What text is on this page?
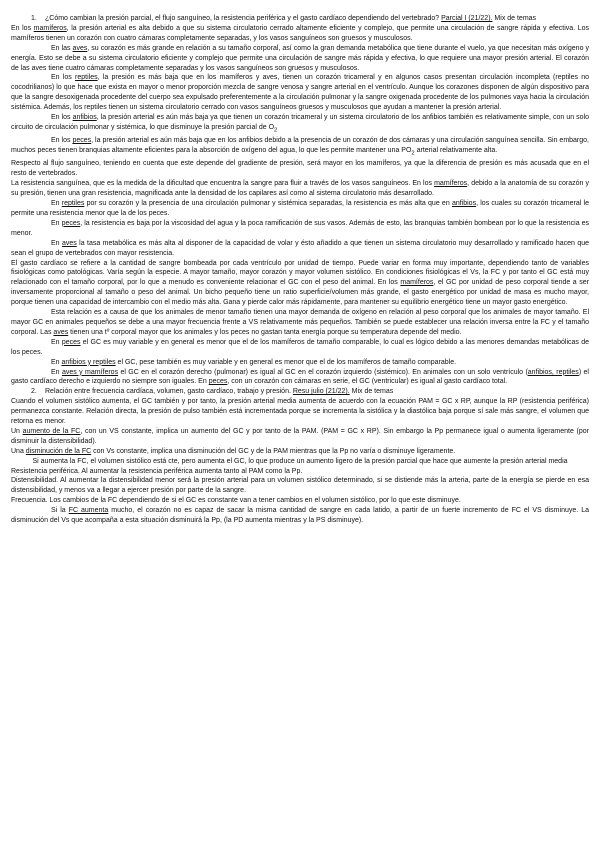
1. ¿Cómo cambian la presión parcial, el flujo sanguíneo, la resistencia periférica y el gasto cardíaco dependiendo del vertebrado? Parcial I (21/22). Mix de temas

En los mamíferos, la presión arterial es alta debido a que su sistema circulatorio cerrado altamente eficiente y complejo, que permite una circulación de sangre rápida y efectiva. Los mamíferos tienen un corazón con cuatro cámaras completamente separadas, y los vasos sanguíneos son gruesos y musculosos.

En las aves, su corazón es más grande en relación a su tamaño corporal, así como la gran demanda metabólica que tiene durante el vuelo, ya que necesitan más oxígeno y energía. Esto se debe a su sistema circulatorio eficiente y complejo que permite una circulación de sangre más rápida y efectiva, lo que requiere una mayor presión arterial. El corazón de las aves tiene cuatro cámaras completamente separadas y los vasos sanguíneos son gruesos y musculosos.

En los reptiles, la presión es más baja que en los mamíferos y aves, tienen un corazón tricameral y en algunos casos presentan circulación incompleta (reptiles no cocodrilianos) lo que hace que exista en mayor o menor proporción mezcla de sangre venosa y sangre arterial en el ventrículo. Aunque los corazones disponen de algún dispositivo para que la sangre desoxigenada procedente del cuerpo sea expulsado preferentemente a la circulación pulmonar y la sangre oxigenada procedente de los pulmones vaya hacia la circulación sistémica. Además, los reptiles tienen un sistema circulatorio cerrado con vasos sanguíneos gruesos y musculosos que ayudan a mantener la presión arterial.

En los anfibios, la presión arterial es aún más baja ya que tienen un corazón tricameral y un sistema circulatorio de los anfibios también es relativamente simple, con un solo circuito de circulación pulmonar y sistémica, lo que disminuye la presión parcial de $O_2$

En los peces, la presión arterial es aún más baja que en los anfibios debido a la presencia de un corazón de dos cámaras y una circulación sanguínea sencilla. Sin embargo, muchos peces tienen branquias altamente eficientes para la absorción de oxígeno del agua, lo que les permite mantener una $PO_2$ arterial relativamente alta.

Respecto al flujo sanguíneo, teniendo en cuenta que este depende del gradiente de presión, será mayor en los mamíferos, ya que la diferencia de presión es más acusada que en el resto de vertebrados.

La resistencia sanguínea, que es la medida de la dificultad que encuentra la sangre para fluir a través de los vasos sanguíneos. En los mamíferos, debido a la anatomía de su corazón y su presión, tienen una gran resistencia, magnificada ante la densidad de los capilares así como al sistema circulatorio más desarrollado.

En reptiles por su corazón y la presencia de una circulación pulmonar y sistémica separadas, la resistencia es más alta que en anfibios, los cuales su corazón tricameral le permite una resistencia menor que la de los peces.

En peces, la resistencia es baja por la viscosidad del agua y la poca ramificación de sus vasos. Además de esto, las branquias también bombean por lo que la resistencia es menor.

En aves la tasa metabólica es más alta al disponer de la capacidad de volar y ésto añadido a que tienen un sistema circulatorio muy desarrollado y ramificado hacen que sean el grupo de vertebrados con mayor resistencia.

El gasto cardíaco se refiere a la cantidad de sangre bombeada por cada ventrículo por unidad de tiempo. Puede variar en forma muy importante, dependiendo tanto de variables fisiológicas como patológicas. Varía según la especie. A mayor tamaño, mayor corazón y mayor volumen sistólico. En condiciones fisiológicas el Vs, la FC y por tanto el GC está muy relacionado con el tamaño corporal, por lo que a menudo es conveniente relacionar el GC con el peso del animal. En los mamíferos, el GC por unidad de peso corporal tiende a ser inversamente proporcional al tamaño o peso del animal. Un bicho pequeño tiene un ratio superficie/volumen más grande, el gasto energético por unidad de masa es mucho mayor, porque tienen una capacidad de intercambio con el medio más alta. Gana y pierde calor más rápidamente, para mantener su equilibrio energético tiene un mayor gasto energético.

Esta relación es a causa de que los animales de menor tamaño tienen una mayor demanda de oxígeno en relación al peso corporal que los animales de mayor tamaño. El mayor GC en animales pequeños se debe a una mayor frecuencia frente a VS relativamente más pequeños. También se puede establecer una relación inversa entre la FC y el tamaño corporal. Las aves tienen una tº corporal mayor que los animales y los peces no gastan tanta energía porque su temperatura depende del medio.

En peces el GC es muy variable y en general es menor que el de los mamíferos de tamaño comparable, lo cual es lógico debido a las menores demandas metabólicas de los peces.

En anfibios y reptiles el GC, pese también es muy variable y en general es menor que el de los mamíferos de tamaño comparable.

En aves y mamíferos el GC en el corazón derecho (pulmonar) es igual al GC en el corazón izquierdo (sistémico). En animales con un solo ventrículo (anfibios, reptiles) el gasto cardíaco derecho e izquierdo no siempre son iguales. En peces, con un corazón con cámaras en serie, el GC (ventricular) es igual al gasto cardíaco total.

2. Relación entre frecuencia cardíaca, volumen, gasto cardíaco, trabajo y presión. Resu julio (21/22). Mix de temas

Cuando el volumen sistólico aumenta, el GC también y por tanto, la presión arterial media aumenta de acuerdo con la ecuación PAM = GC x RP, aunque la RP (resistencia periférica) permanezca constante. Relación directa, la presión de pulso también está incrementada porque se incrementa la sistólica y la diastólica baja porque sí sale más sangre, el volumen que retorna es menor.

Un aumento de la FC, con un VS constante, implica un aumento del GC y por tanto de la PAM. (PAM = GC x RP). Sin embargo la Pp permanece igual o aumenta ligeramente (por disminuir la distensibilidad).

Una disminución de la FC con Vs constante, implica una disminución del GC y de la PAM mientras que la Pp no varía o disminuye ligeramente.

Si aumenta la FC, el volumen sistólico está cte, pero aumenta el GC, lo que produce un aumento ligero de la presión parcial que hace que aumente la presión arterial media

Resistencia periférica. Al aumentar la resistencia periférica aumenta tanto al PAM como la Pp.

Distensibilidad. Al aumentar la distensibilidad menor será la presión arterial para un volumen sistólico determinado, si se distiende más la arteria, parte de la energía se pierde en esa distensibilidad, y menos va a llegar a ejercer presión por parte de la sangre.

Frecuencia. Los cambios de la FC dependiendo de si el GC es constante van a tener cambios en el volumen sistólico, por lo que este disminuye.

Si la FC aumenta mucho, el corazón no es capaz de sacar la misma cantidad de sangre en cada latido, a partir de un fuerte incremento de FC el VS disminuye. La disminución del Vs que acompaña a esta situación disminuirá la Pp, (la PD aumenta mientras y la PS disminuye).
